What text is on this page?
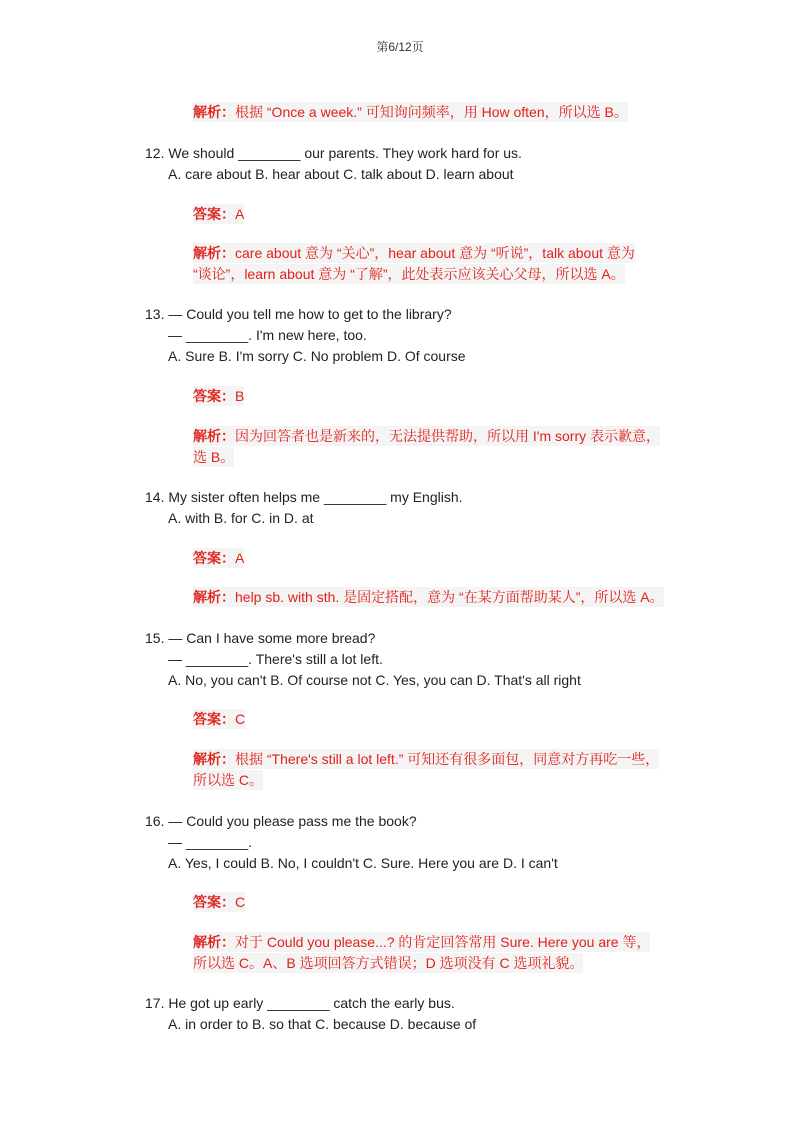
第6/12页
解析：根据 “Once a week.” 可知询问频率，用 How often，所以选 B。
12. We should ________ our parents. They work hard for us.
A. care about B. hear about C. talk about D. learn about
答案：A
解析：care about 意为 “关心”，hear about 意为 “听说”，talk about 意为
“谈论”，learn about 意为 “了解”，此处表示应该关心父母，所以选 A。
13. — Could you tell me how to get to the library?
— ________. I'm new here, too.
A. Sure B. I'm sorry C. No problem D. Of course
答案：B
解析：因为回答者也是新来的，无法提供帮助，所以用 I'm sorry 表示歉意，
选 B。
14. My sister often helps me ________ my English.
A. with B. for C. in D. at
答案：A
解析：help sb. with sth. 是固定搭配，意为 “在某方面帮助某人”，所以选 A。
15. — Can I have some more bread?
— ________. There's still a lot left.
A. No, you can't B. Of course not C. Yes, you can D. That's all right
答案：C
解析：根据 “There's still a lot left.” 可知还有很多面包，同意对方再吃一些，
所以选 C。
16. — Could you please pass me the book?
— ________.
A. Yes, I could B. No, I couldn't C. Sure. Here you are D. I can't
答案：C
解析：对于 Could you please...? 的肯定回答常用 Sure. Here you are 等，
所以选 C。A、B 选项回答方式错误；D 选项没有 C 选项礼貌。
17. He got up early ________ catch the early bus.
A. in order to B. so that C. because D. because of
